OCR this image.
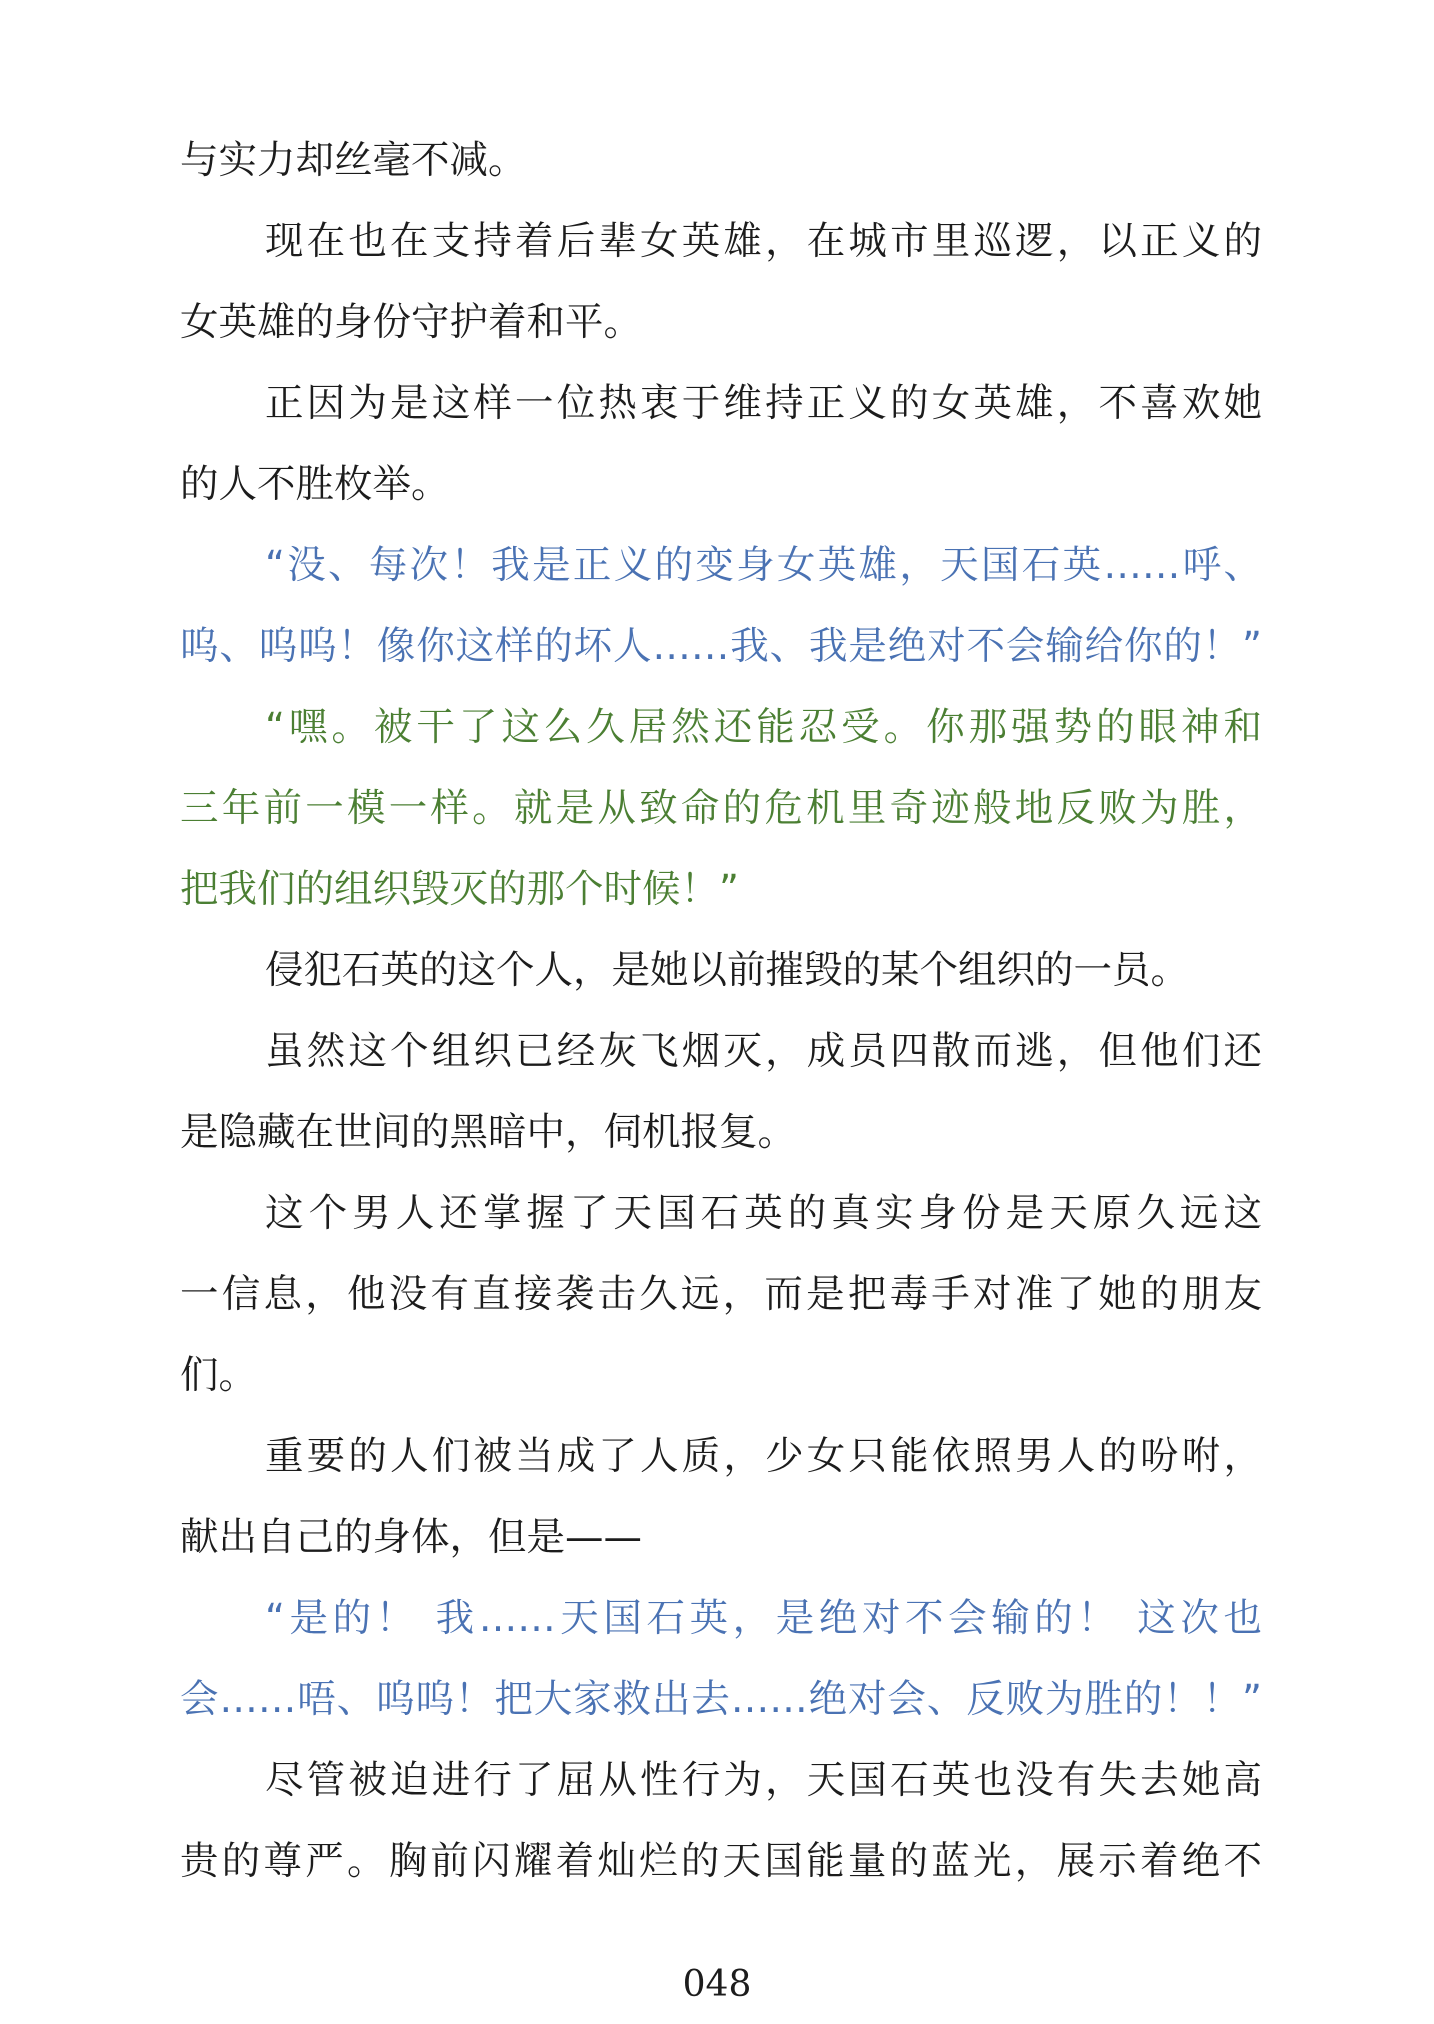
与实力却丝毫不减。
现在也在支持着后辈女英雄，在城市里巡逻，以正义的
女英雄的身份守护着和平。
正因为是这样一位热衷于维持正义的女英雄，不喜欢她
的人不胜枚举。
“没、每次！我是正义的变身女英雄，天国石英……呼、
呜、呜呜！像你这样的坏人……我、我是绝对不会输给你的！”
“嘿。被干了这么久居然还能忍受。你那强势的眼神和
三年前一模一样。就是从致命的危机里奇迹般地反败为胜，
把我们的组织毁灭的那个时候！”
侵犯石英的这个人，是她以前摧毁的某个组织的一员。
虽然这个组织已经灰飞烟灭，成员四散而逃，但他们还
是隐藏在世间的黑暗中，伺机报复。
这个男人还掌握了天国石英的真实身份是天原久远这
一信息，他没有直接袭击久远，而是把毒手对准了她的朋友
们。
重要的人们被当成了人质，少女只能依照男人的吩咐，
献出自己的身体，但是——
“是的！ 我……天国石英，是绝对不会输的！ 这次也
会……唔、呜呜！把大家救出去……绝对会、反败为胜的！！”
尽管被迫进行了屈从性行为，天国石英也没有失去她高
贵的尊严。胸前闪耀着灿烂的天国能量的蓝光，展示着绝不
048
